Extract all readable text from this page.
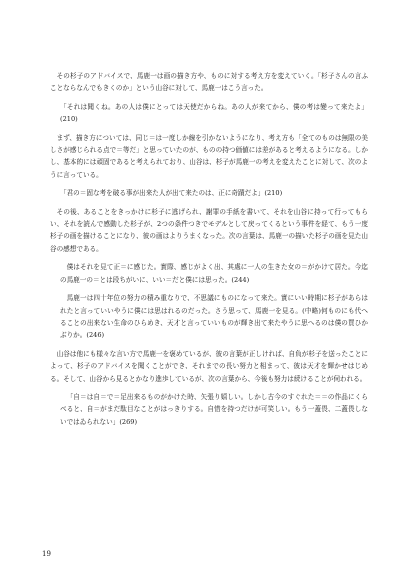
その杉子のアドバイスで、馬鹿一は画の描き方や、ものに対する考え方を変えていく。「杉子さんの言ふことならなんでもきくのか」という山谷に対して、馬鹿一はこう言った。

「それは聞くね。あの人は僕にとっては天使だからね。あの人が来てから、僕の考は變って来たよ」(210)

まず、描き方については、同じ＝は一度しか線を引かないようになり、考え方も「全てのものは無限の美しさが感じられる点で＝等だ」と思っていたのが、ものの持つ価値には差があると考えるようになる。しかし、基本的には頑固であると考えられており、山谷は、杉子が馬鹿一の考えを変えたことに対して、次のように言っている。

「君の＝固な考を破る事が出来た人が出て来たのは、正に奇蹟だよ」(210)

その後、あることをきっかけに杉子に逃げられ、謝罪の手紙を書いて、それを山谷に持って行ってもらい、それを読んで感動した杉子が、2つの条件つきでモデルとして戻ってくるという事件を経て、もう一度杉子の画を描けることになり、彼の画はよりうまくなった。次の言葉は、馬鹿一の描いた杉子の画を見た山谷の感想である。

僕はそれを見て正＝に感じた。實際、感じがよく出、其處に一人の生きた女の＝がかけて居た。今迄の馬鹿一の＝とは段ちがいに、いい＝だと僕には思った。(244)

馬鹿一は四十年位の努力の積み重なりで、不思議にものになって来た。實にいい時期に杉子があらはれたと言っていいやうに僕には思はれるのだった。さう思って、馬鹿一を見る。(中略)何ものにも代へることの出来ない生命のひらめき、天才と言っていいものが輝き出て来たやうに思へるのは僕の買ひかぶりか。(246)

山谷は他にも様々な言い方で馬鹿一を褒めているが、彼の言葉が正しければ、自負が杉子を送ったことによって、杉子のアドバイスを聞くことができ、それまでの長い努力と相まって、彼は天才を輝かせはじめる。そして、山谷から見るとかなり進歩しているが、次の言葉から、今後も努力は続けることが伺われる。

「自＝は自＝で＝足出来るものがかけた時、矢張り嬉しい。しかし古今のすぐれた＝＝の作品にくらべると、自＝がまだ駄目なことがはっきりする。自惜を持つだけが可笑しい。もう一蓋畏、二蓋畏しないではゐられない」(269)

19
